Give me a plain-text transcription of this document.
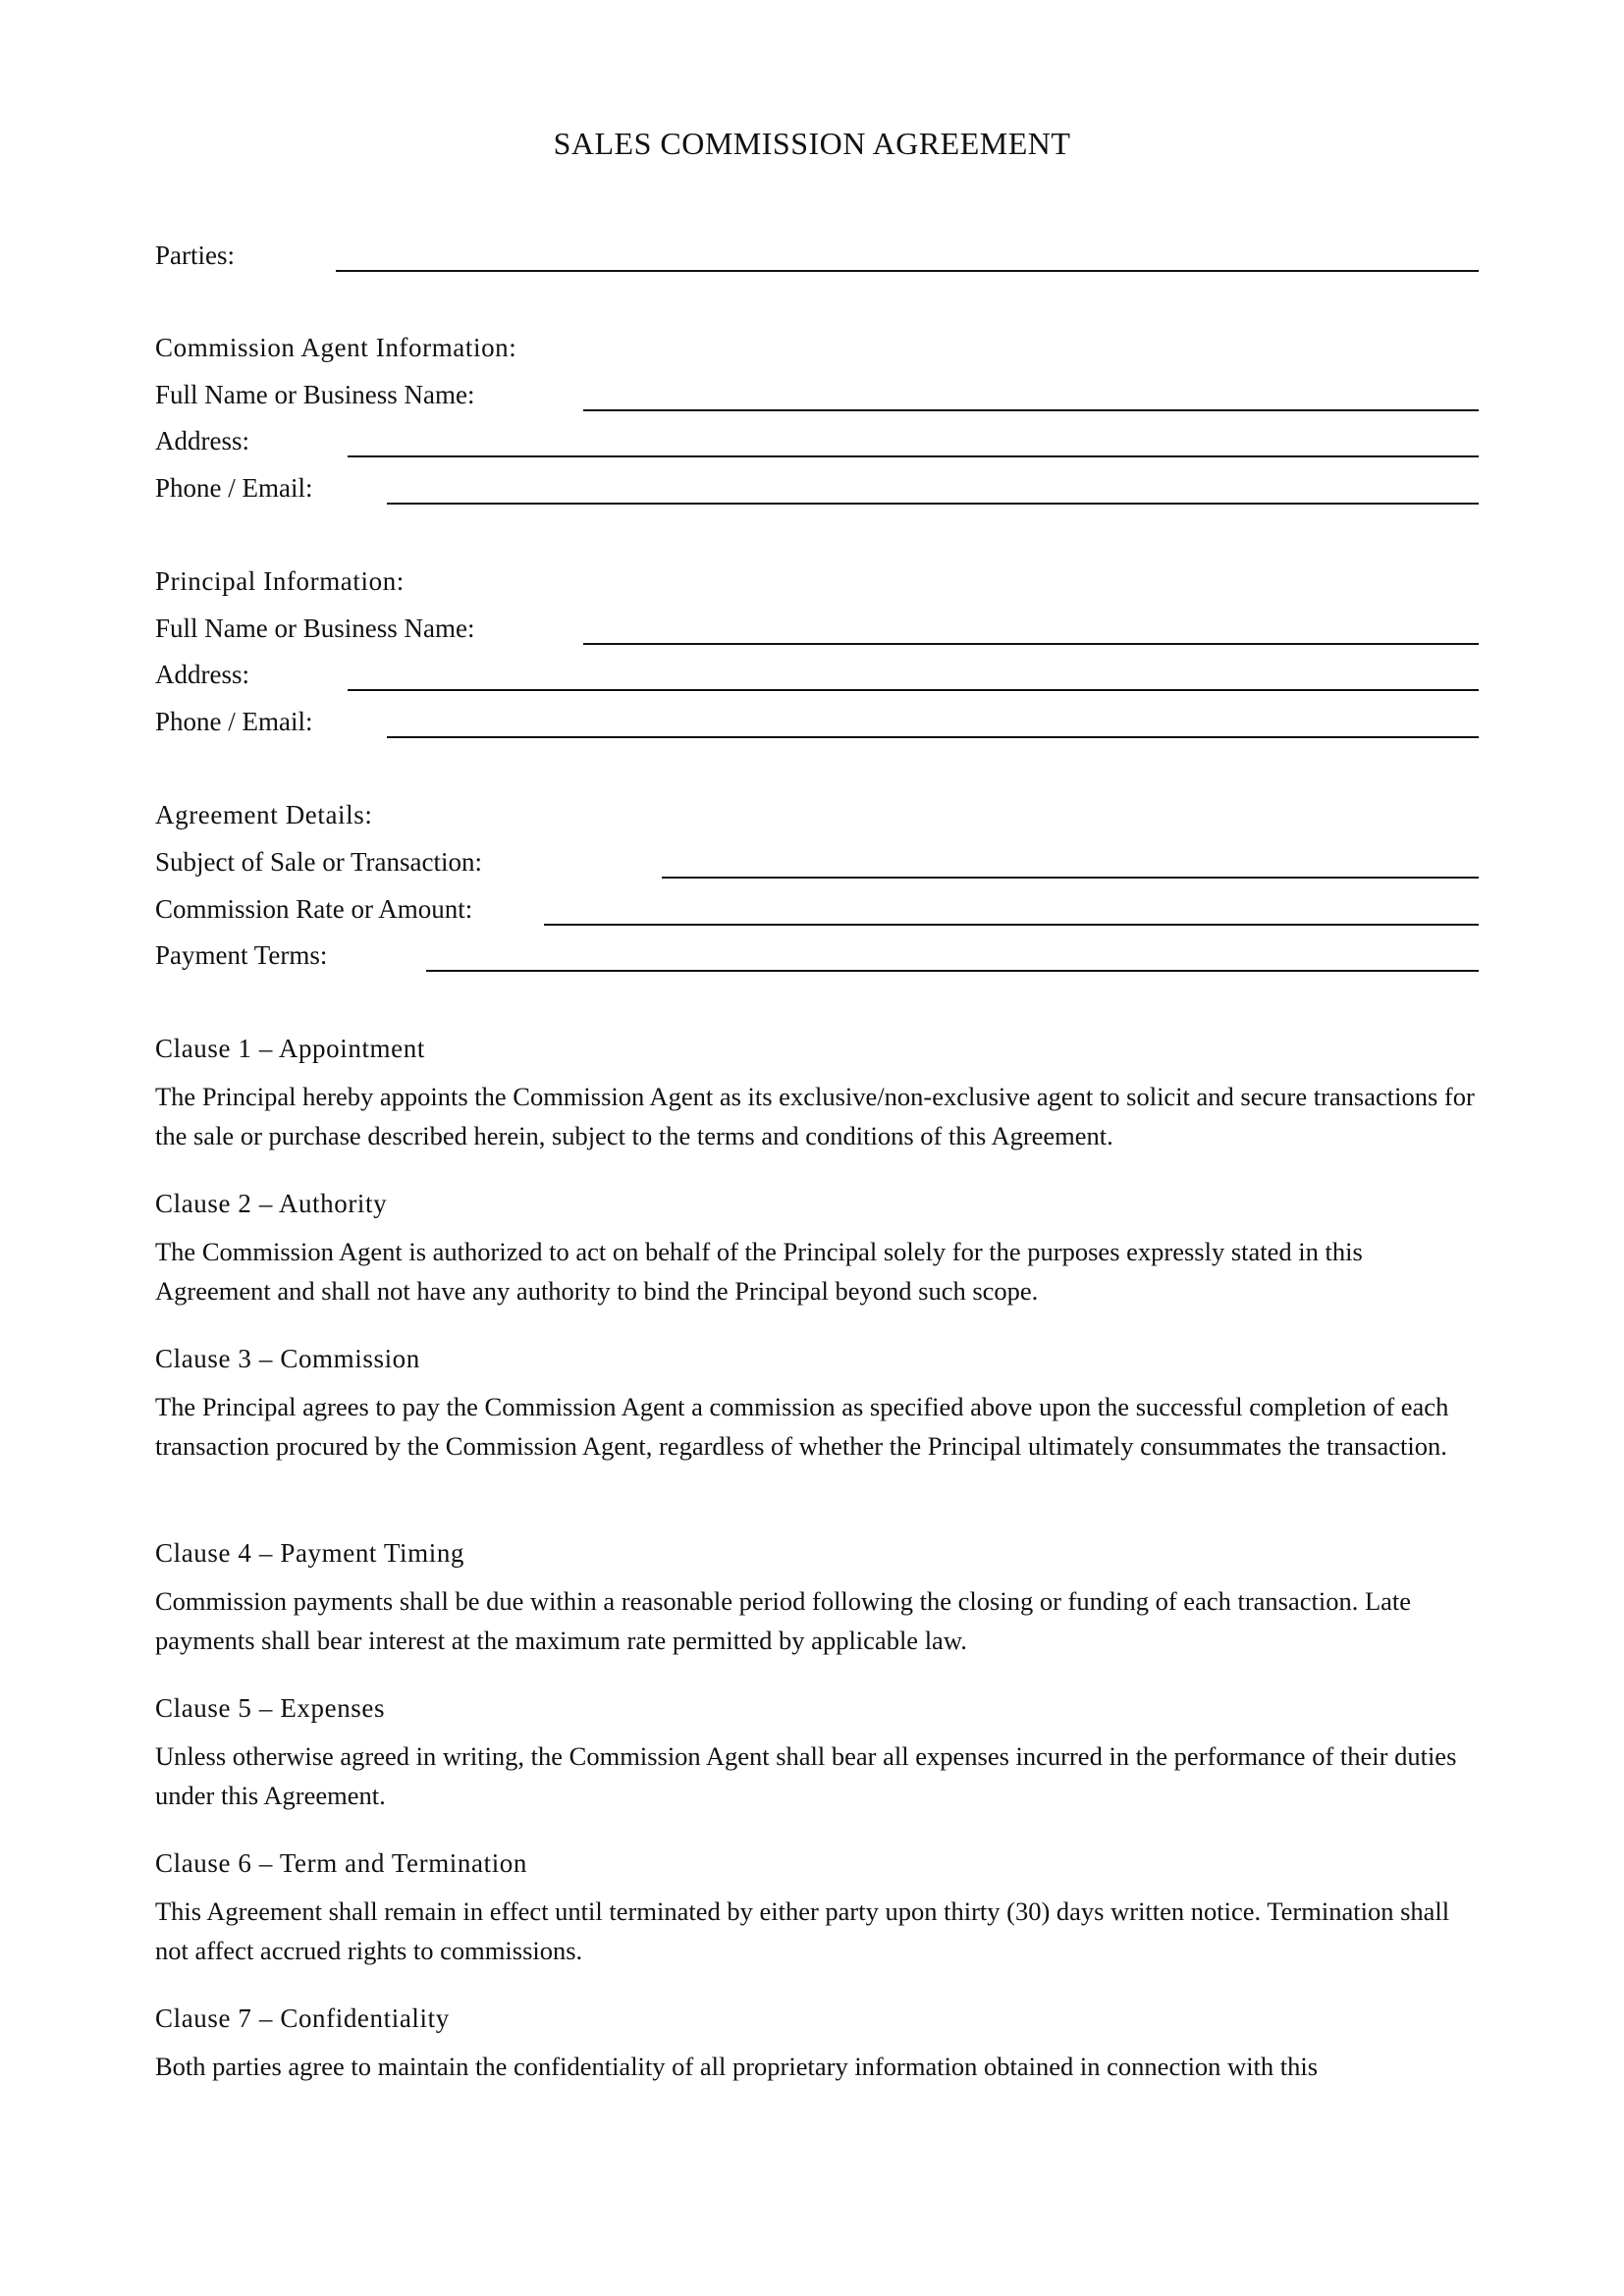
SALES COMMISSION AGREEMENT
Parties:
Commission Agent Information:
Full Name or Business Name:
Address:
Phone / Email:
Principal Information:
Full Name or Business Name:
Address:
Phone / Email:
Agreement Details:
Subject of Sale or Transaction:
Commission Rate or Amount:
Payment Terms:
Clause 1 – Appointment
The Principal hereby appoints the Commission Agent as its exclusive/non-exclusive agent to solicit and secure transactions for the sale or purchase described herein, subject to the terms and conditions of this Agreement.
Clause 2 – Authority
The Commission Agent is authorized to act on behalf of the Principal solely for the purposes expressly stated in this Agreement and shall not have any authority to bind the Principal beyond such scope.
Clause 3 – Commission
The Principal agrees to pay the Commission Agent a commission as specified above upon the successful completion of each transaction procured by the Commission Agent, regardless of whether the Principal ultimately consummates the transaction.
Clause 4 – Payment Timing
Commission payments shall be due within a reasonable period following the closing or funding of each transaction. Late payments shall bear interest at the maximum rate permitted by applicable law.
Clause 5 – Expenses
Unless otherwise agreed in writing, the Commission Agent shall bear all expenses incurred in the performance of their duties under this Agreement.
Clause 6 – Term and Termination
This Agreement shall remain in effect until terminated by either party upon thirty (30) days written notice. Termination shall not affect accrued rights to commissions.
Clause 7 – Confidentiality
Both parties agree to maintain the confidentiality of all proprietary information obtained in connection with this
